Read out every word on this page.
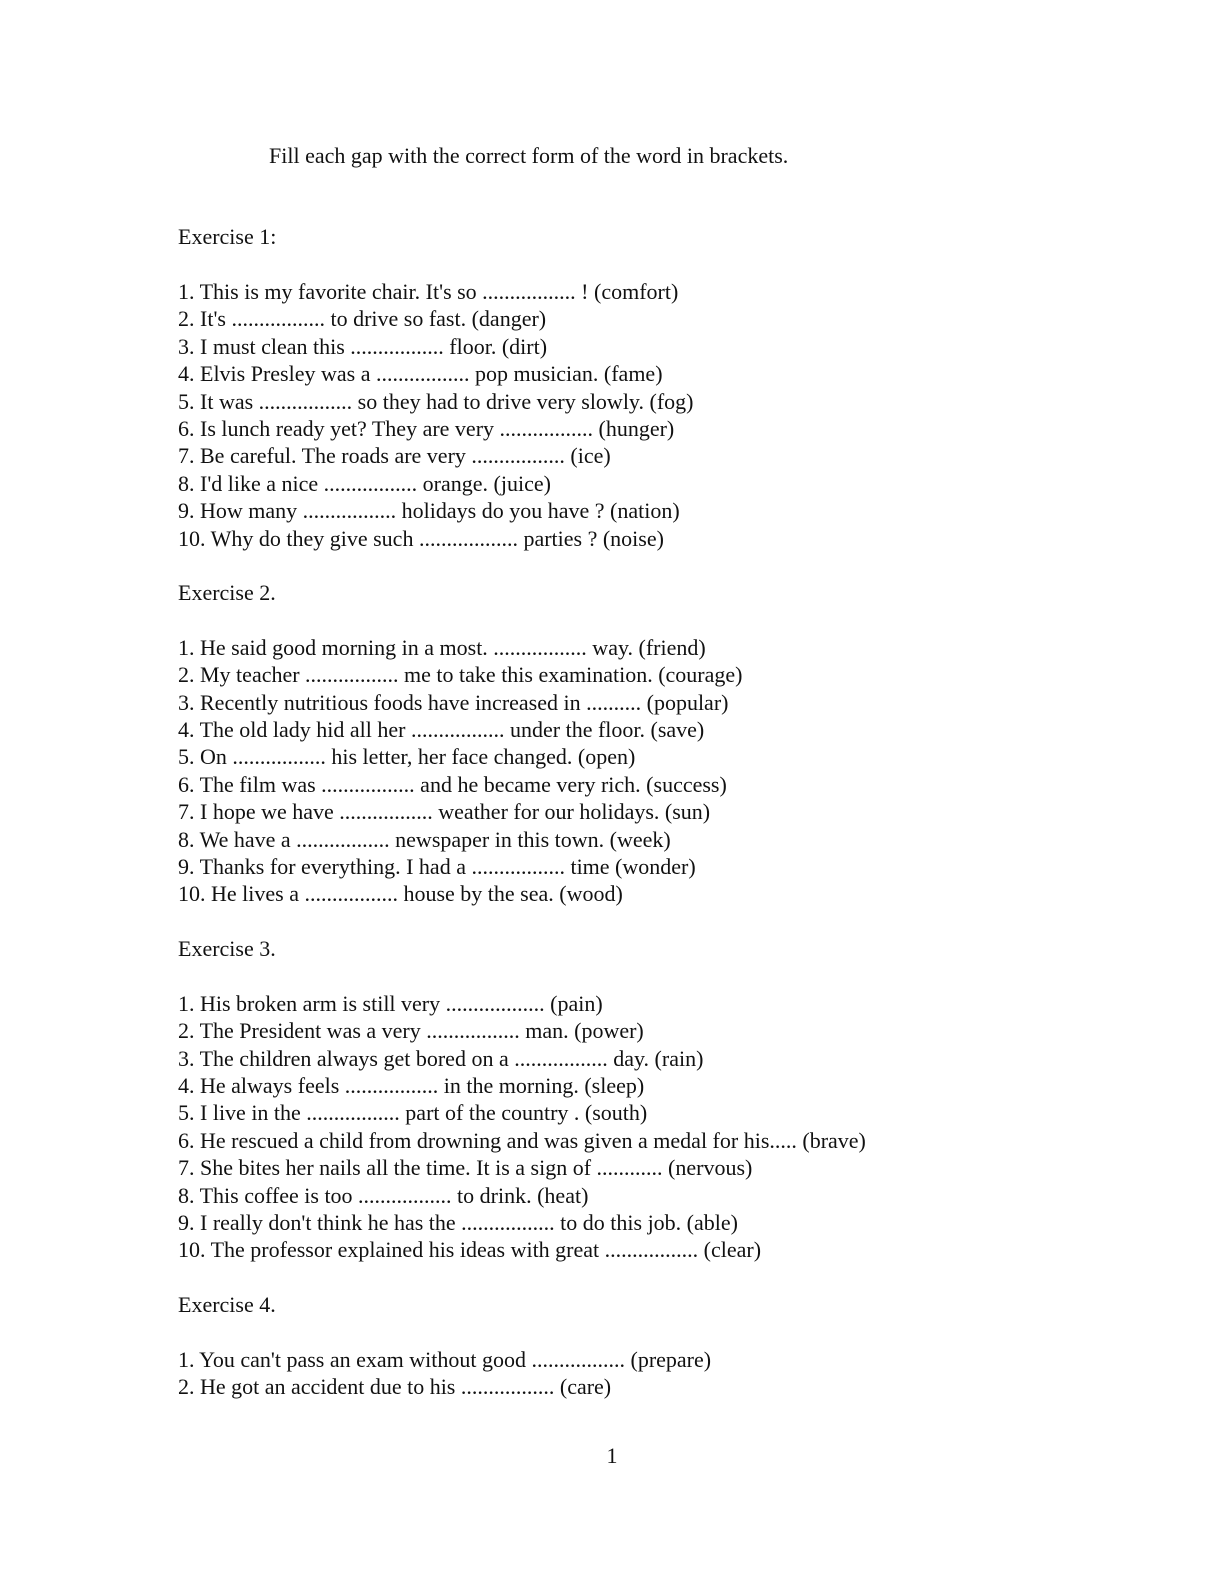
Fill each gap with the correct form of the word in brackets.
Exercise 1:
1. This is my favorite chair. It's so ................. ! (comfort)
2. It's ................. to drive so fast. (danger)
3. I must clean this ................. floor. (dirt)
4. Elvis Presley was a ................. pop musician. (fame)
5. It was ................. so they had to drive very slowly. (fog)
6. Is lunch ready yet? They are very ................. (hunger)
7. Be careful. The roads are very ................. (ice)
8. I'd like a nice ................. orange. (juice)
9. How many ................. holidays do you have ? (nation)
10. Why do they give such .................. parties ? (noise)
Exercise 2.
1. He said good morning in a most. ................. way. (friend)
2. My teacher ................. me to take this examination. (courage)
3. Recently nutritious foods have increased in .......... (popular)
4. The old lady hid all her ................. under the floor. (save)
5. On ................. his letter, her face changed. (open)
6. The film was ................. and he became very rich. (success)
7. I hope we have ................. weather for our holidays. (sun)
8. We have a ................. newspaper in this town. (week)
9. Thanks for everything. I had a ................. time (wonder)
10. He lives a ................. house by the sea. (wood)
Exercise 3.
1. His broken arm is still very .................. (pain)
2. The President was a very ................. man. (power)
3. The children always get bored on a ................. day. (rain)
4. He always feels ................. in the morning. (sleep)
5. I live in the ................. part of the country . (south)
6. He rescued a child from drowning and was given a medal for his..... (brave)
7. She bites her nails all the time. It is a sign of ............ (nervous)
8. This coffee is too ................. to drink. (heat)
9. I really don't think he has the ................. to do this job. (able)
10. The professor explained his ideas with great ................. (clear)
Exercise 4.
1. You can't pass an exam without good ................. (prepare)
2. He got an accident due to his ................. (care)
1
